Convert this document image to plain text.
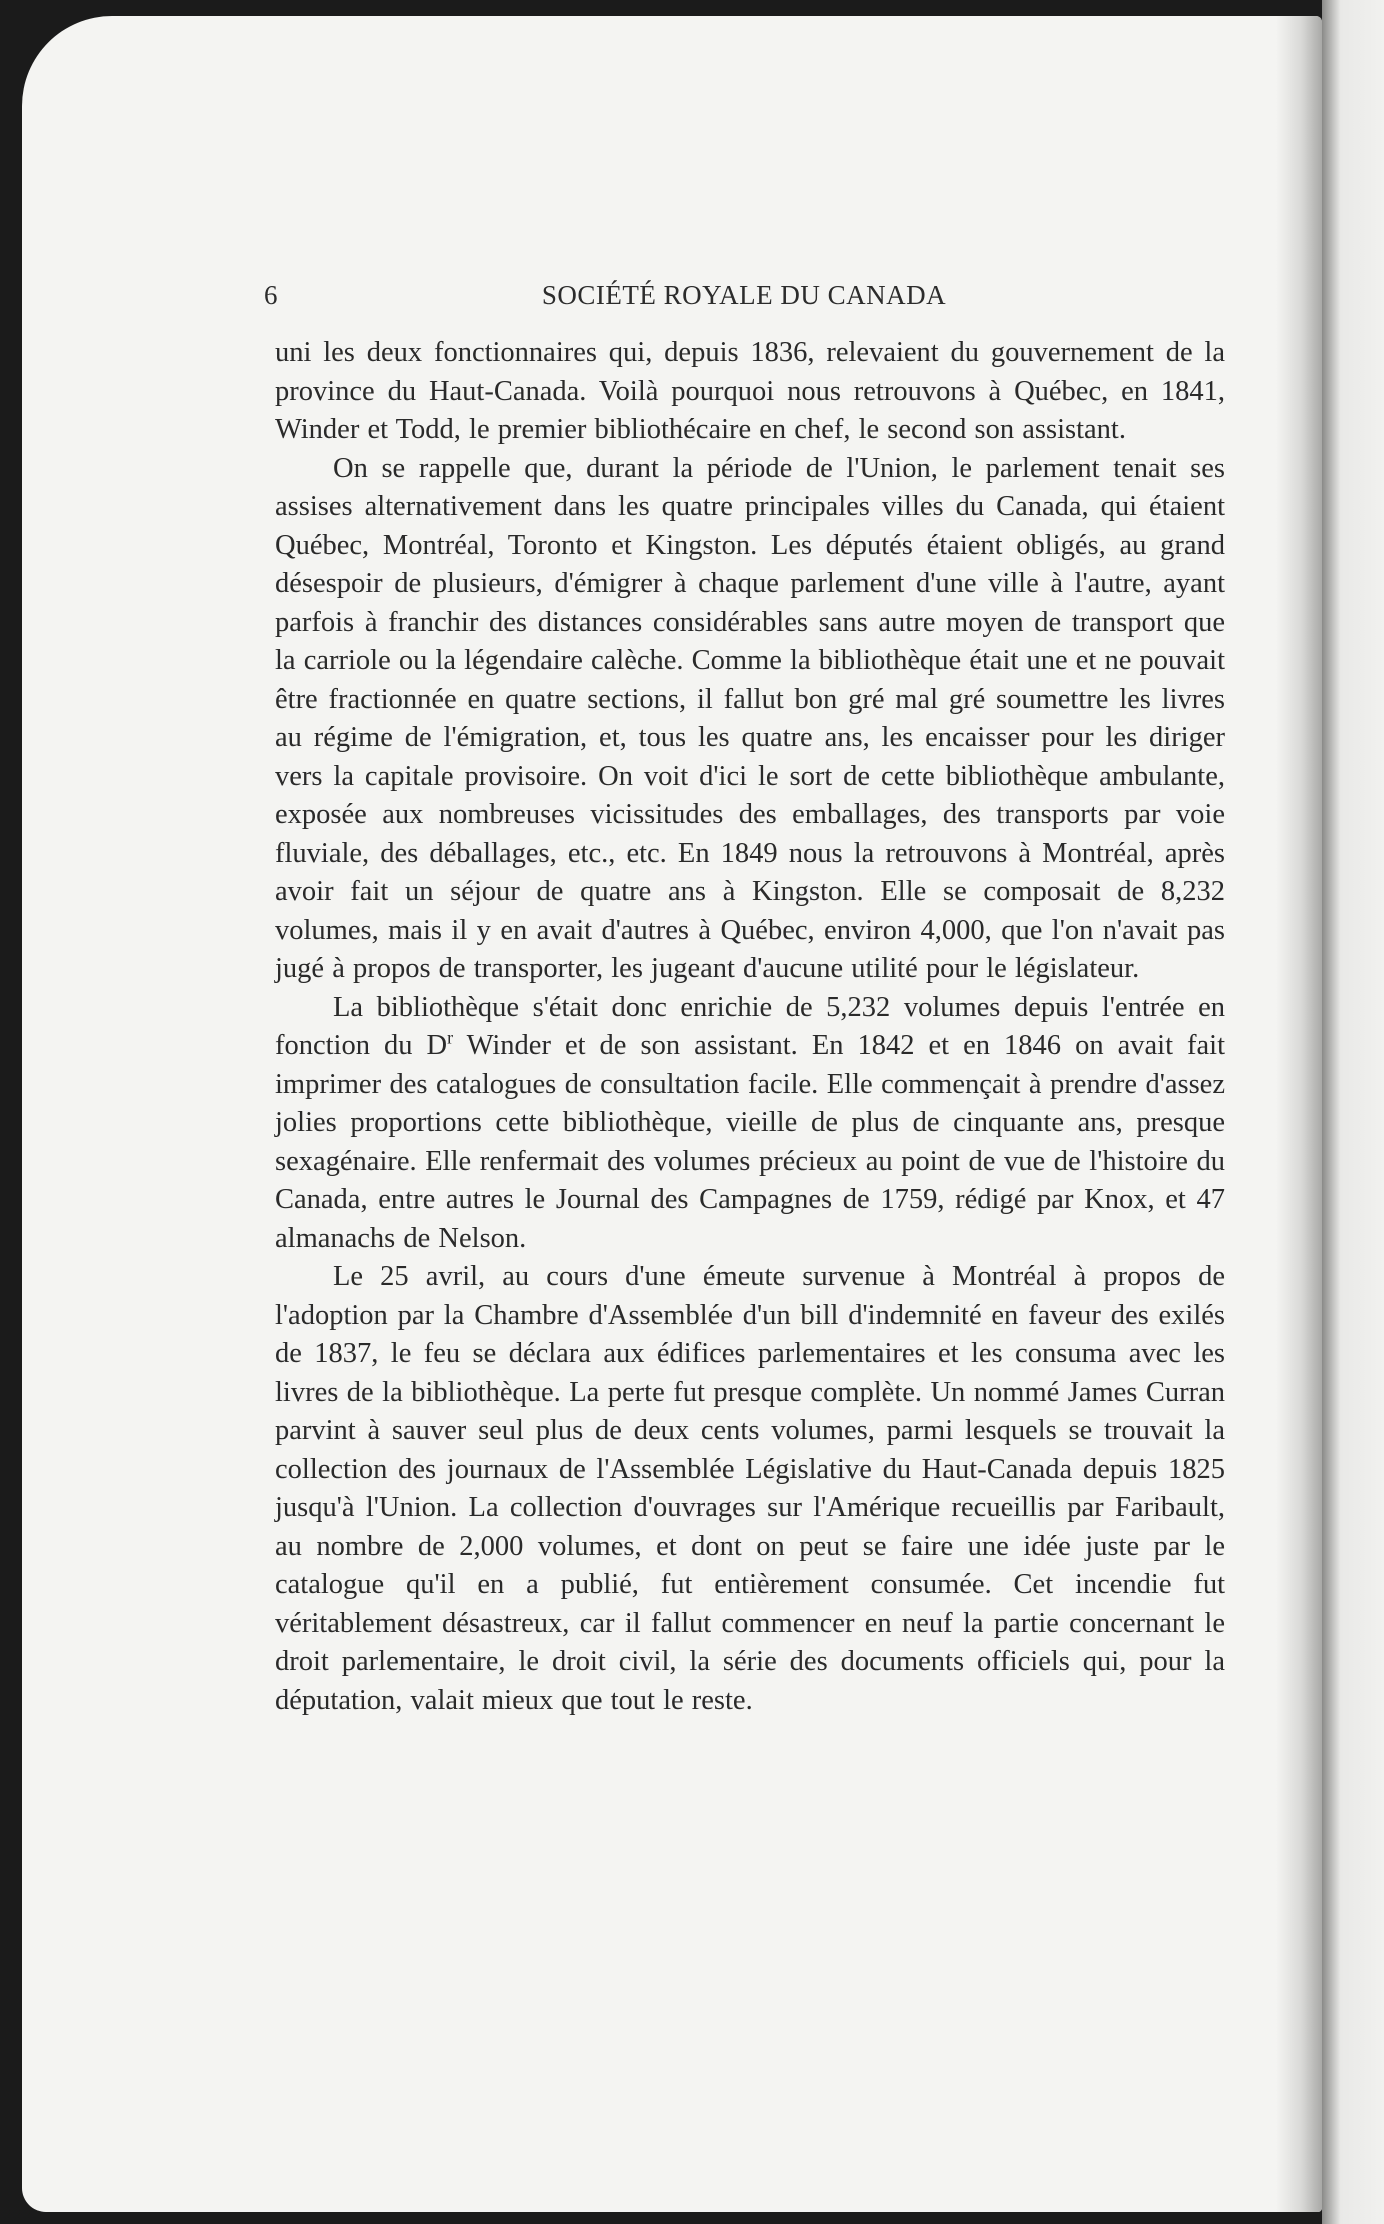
6	SOCIÉTÉ ROYALE DU CANADA

uni les deux fonctionnaires qui, depuis 1836, relevaient du gouvernement de la province du Haut-Canada. Voilà pourquoi nous retrouvons à Québec, en 1841, Winder et Todd, le premier bibliothécaire en chef, le second son assistant.

On se rappelle que, durant la période de l'Union, le parlement tenait ses assises alternativement dans les quatre principales villes du Canada, qui étaient Québec, Montréal, Toronto et Kingston. Les députés étaient obligés, au grand désespoir de plusieurs, d'émigrer à chaque parlement d'une ville à l'autre, ayant parfois à franchir des distances considérables sans autre moyen de transport que la carriole ou la légendaire calèche. Comme la bibliothèque était une et ne pouvait être fractionnée en quatre sections, il fallut bon gré mal gré soumettre les livres au régime de l'émigration, et, tous les quatre ans, les encaisser pour les diriger vers la capitale provisoire. On voit d'ici le sort de cette bibliothèque ambulante, exposée aux nombreuses vicissitudes des emballages, des transports par voie fluviale, des déballages, etc., etc. En 1849 nous la retrouvons à Montréal, après avoir fait un séjour de quatre ans à Kingston. Elle se composait de 8,232 volumes, mais il y en avait d'autres à Québec, environ 4,000, que l'on n'avait pas jugé à propos de transporter, les jugeant d'aucune utilité pour le législateur.

La bibliothèque s'était donc enrichie de 5,232 volumes depuis l'entrée en fonction du $D^r$ Winder et de son assistant. En 1842 et en 1846 on avait fait imprimer des catalogues de consultation facile. Elle commençait à prendre d'assez jolies proportions cette bibliothèque, vieille de plus de cinquante ans, presque sexagénaire. Elle renfermait des volumes précieux au point de vue de l'histoire du Canada, entre autres le Journal des Campagnes de 1759, rédigé par Knox, et 47 almanachs de Nelson.

Le 25 avril, au cours d'une émeute survenue à Montréal à propos de l'adoption par la Chambre d'Assemblée d'un bill d'indemnité en faveur des exilés de 1837, le feu se déclara aux édifices parlementaires et les consuma avec les livres de la bibliothèque. La perte fut presque complète. Un nommé James Curran parvint à sauver seul plus de deux cents volumes, parmi lesquels se trouvait la collection des journaux de l'Assemblée Législative du Haut-Canada depuis 1825 jusqu'à l'Union. La collection d'ouvrages sur l'Amérique recueillis par Faribault, au nombre de 2,000 volumes, et dont on peut se faire une idée juste par le catalogue qu'il en a publié, fut entièrement consumée. Cet incendie fut véritablement désastreux, car il fallut commencer en neuf la partie concernant le droit parlementaire, le droit civil, la série des documents officiels qui, pour la députation, valait mieux que tout le reste.
